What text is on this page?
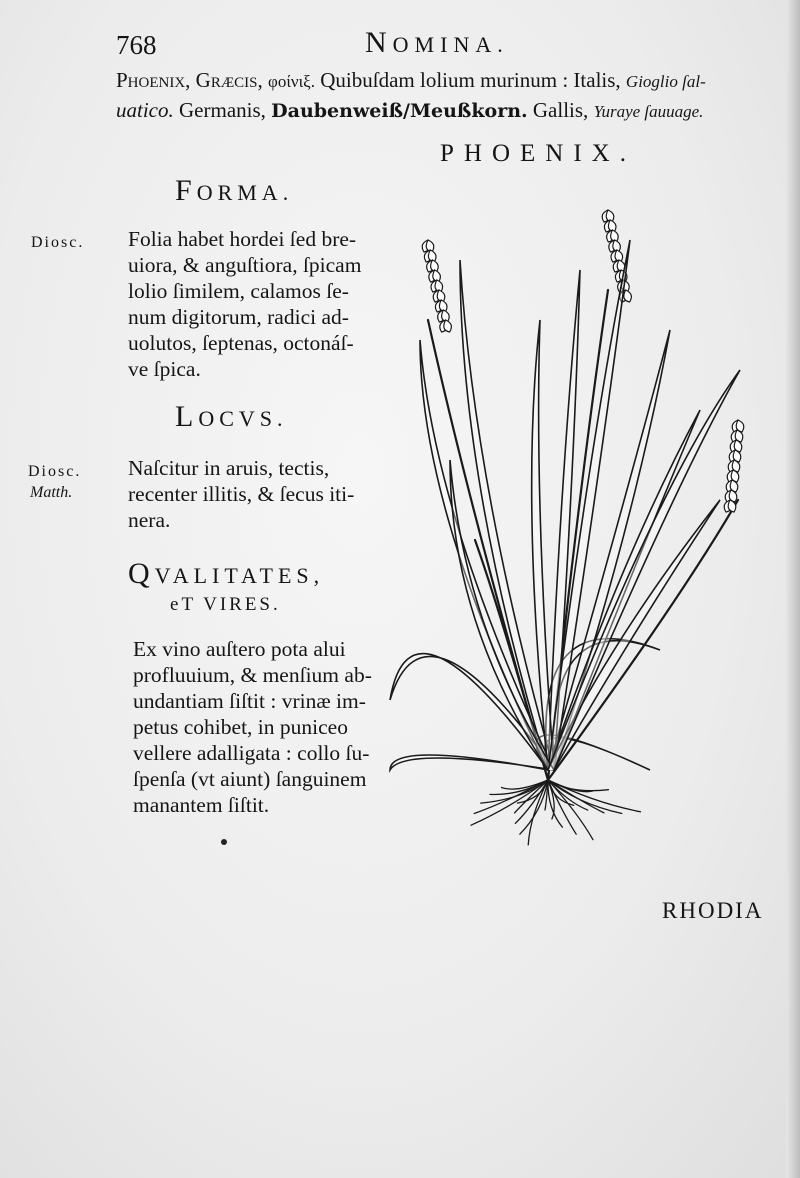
768	NOMINA.
Phoenix, Græcis, φοίνιξ. Quibuſdam lolium murinum : Italis, Gioglio ſal-
uatico. Germanis, Daubenweiß/Meußkorn. Gallis, Yuraye ſauuage.
PHOENIX.
FORMA.
Diosc. Folia habet hordei ſed bre-
uiora, & anguſtiora, ſpicam
lolio ſimilem, calamos ſe-
num digitorum, radici ad-
uolutos, ſeptenas, octonáſ-
ve ſpica.
LOCVS.
Diosc.
Matth.
Naſcitur in aruis, tectis,
recenter illitis, & ſecus iti-
nera.
QVALITATES,
eT VIRES.
Ex vino auſtero pota alui
profluuium, & menſium ab-
undantiam ſiſtit : vrinæ im-
petus cohibet, in puniceo
vellere adalligata : collo ſu-
ſpenſa (vt aiunt) ſanguinem
manantem ſiſtit.
RHODIA
